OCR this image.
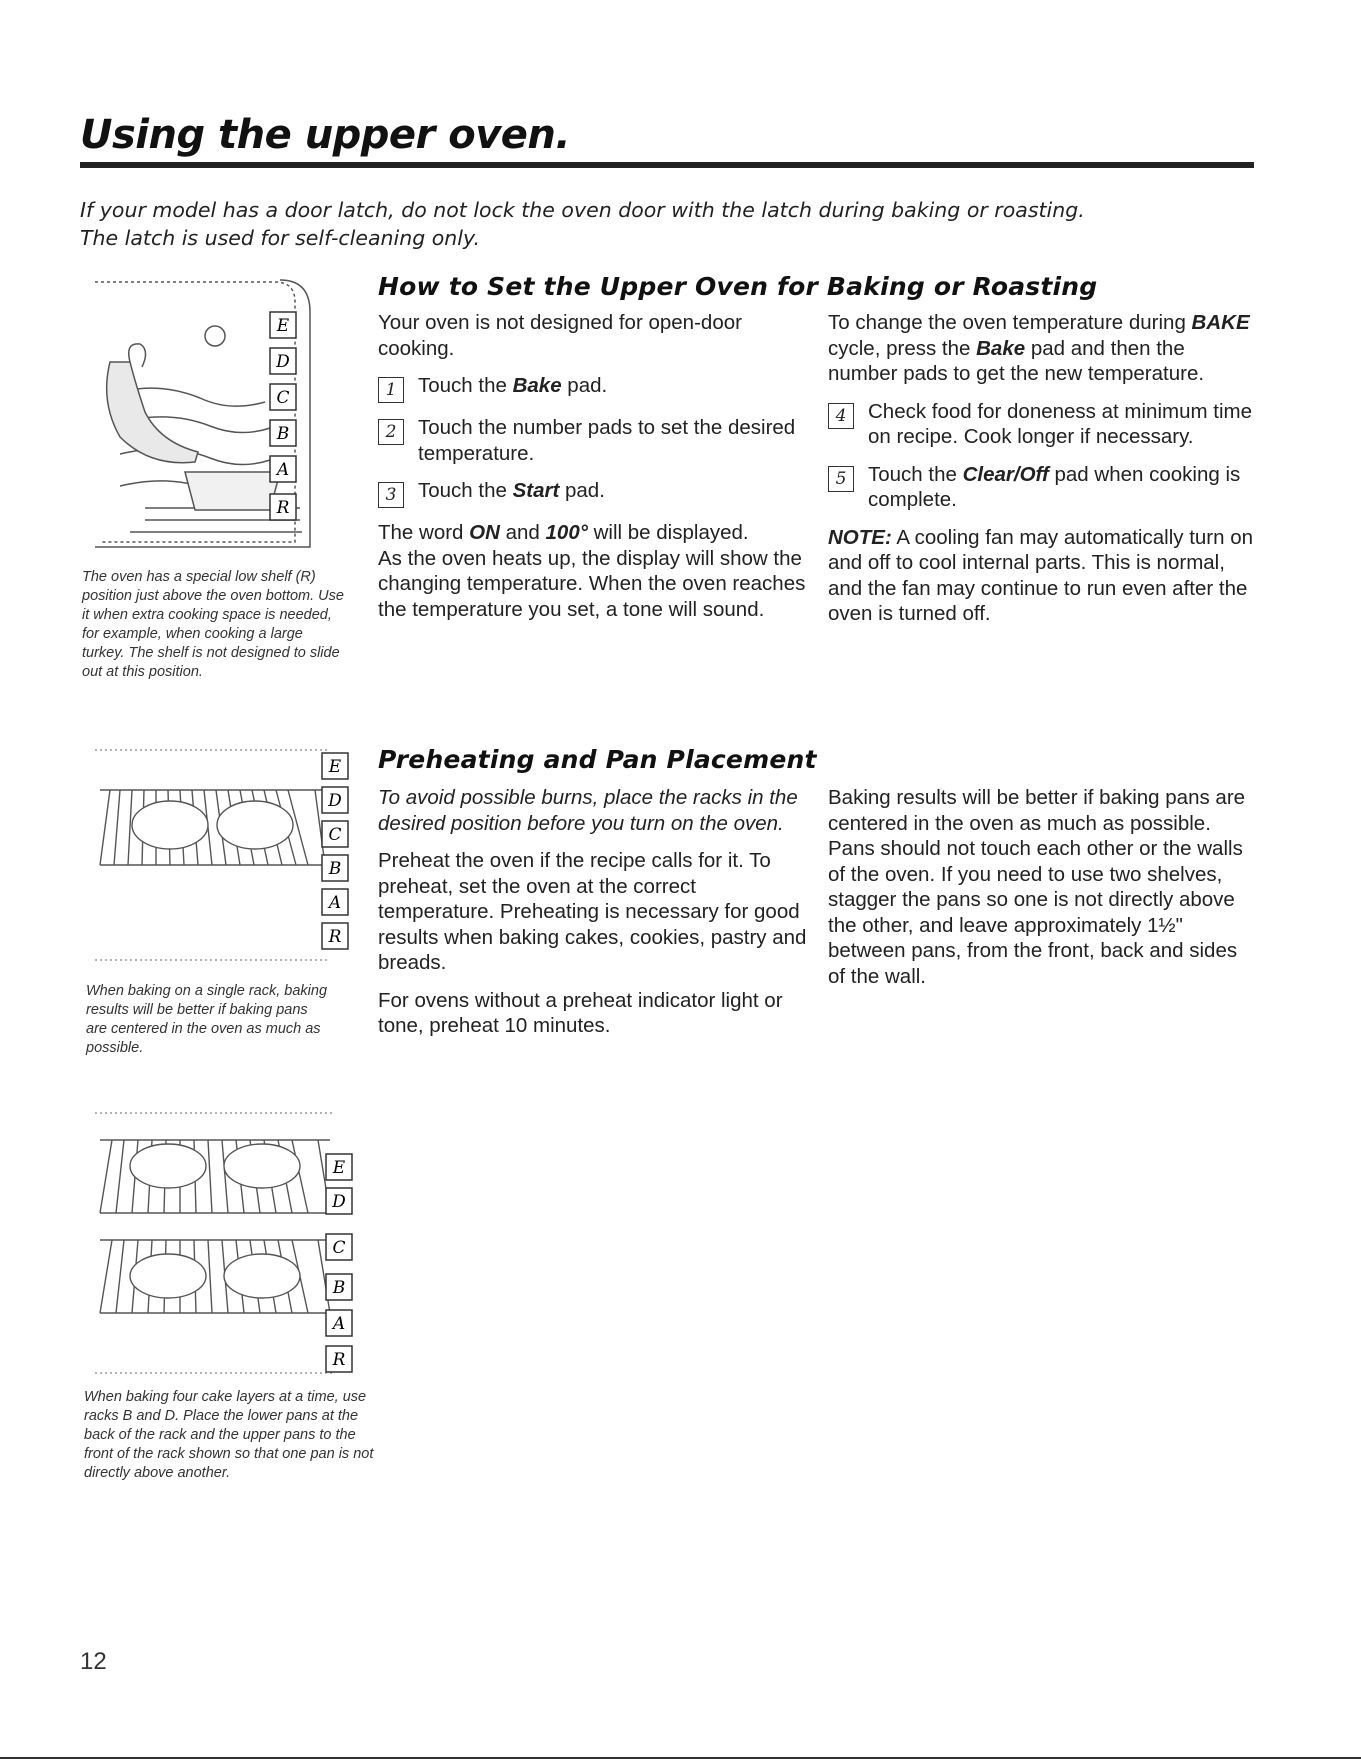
Using the upper oven.
If your model has a door latch, do not lock the oven door with the latch during baking or roasting.
The latch is used for self-cleaning only.
E
D
C
B
A
R
The oven has a special low shelf (R) position just above the oven bottom. Use it when extra cooking space is needed, for example, when cooking a large turkey. The shelf is not designed to slide out at this position.
E
D
C
B
A
R
When baking on a single rack, baking results will be better if baking pans are centered in the oven as much as possible.
E
D
C
B
A
R
When baking four cake layers at a time, use racks B and D. Place the lower pans at the back of the rack and the upper pans to the front of the rack shown so that one pan is not directly above another.
How to Set the Upper Oven for Baking or Roasting

Your oven is not designed for open-door cooking.

1	Touch the Bake pad.
2	Touch the number pads to set the desired temperature.
3	Touch the Start pad.

The word ON and 100° will be displayed.

As the oven heats up, the display will show the changing temperature. When the oven reaches the temperature you set, a tone will sound.

To change the oven temperature during BAKE cycle, press the Bake pad and then the number pads to get the new temperature.

4	Check food for doneness at minimum time on recipe. Cook longer if necessary.
5	Touch the Clear/Off pad when cooking is complete.

NOTE: A cooling fan may automatically turn on and off to cool internal parts. This is normal, and the fan may continue to run even after the oven is turned off.

Preheating and Pan Placement

To avoid possible burns, place the racks in the desired position before you turn on the oven.

Preheat the oven if the recipe calls for it. To preheat, set the oven at the correct temperature. Preheating is necessary for good results when baking cakes, cookies, pastry and breads.

For ovens without a preheat indicator light or tone, preheat 10 minutes.

Baking results will be better if baking pans are centered in the oven as much as possible. Pans should not touch each other or the walls of the oven. If you need to use two shelves, stagger the pans so one is not directly above the other, and leave approximately 1½" between pans, from the front, back and sides of the wall.

12
